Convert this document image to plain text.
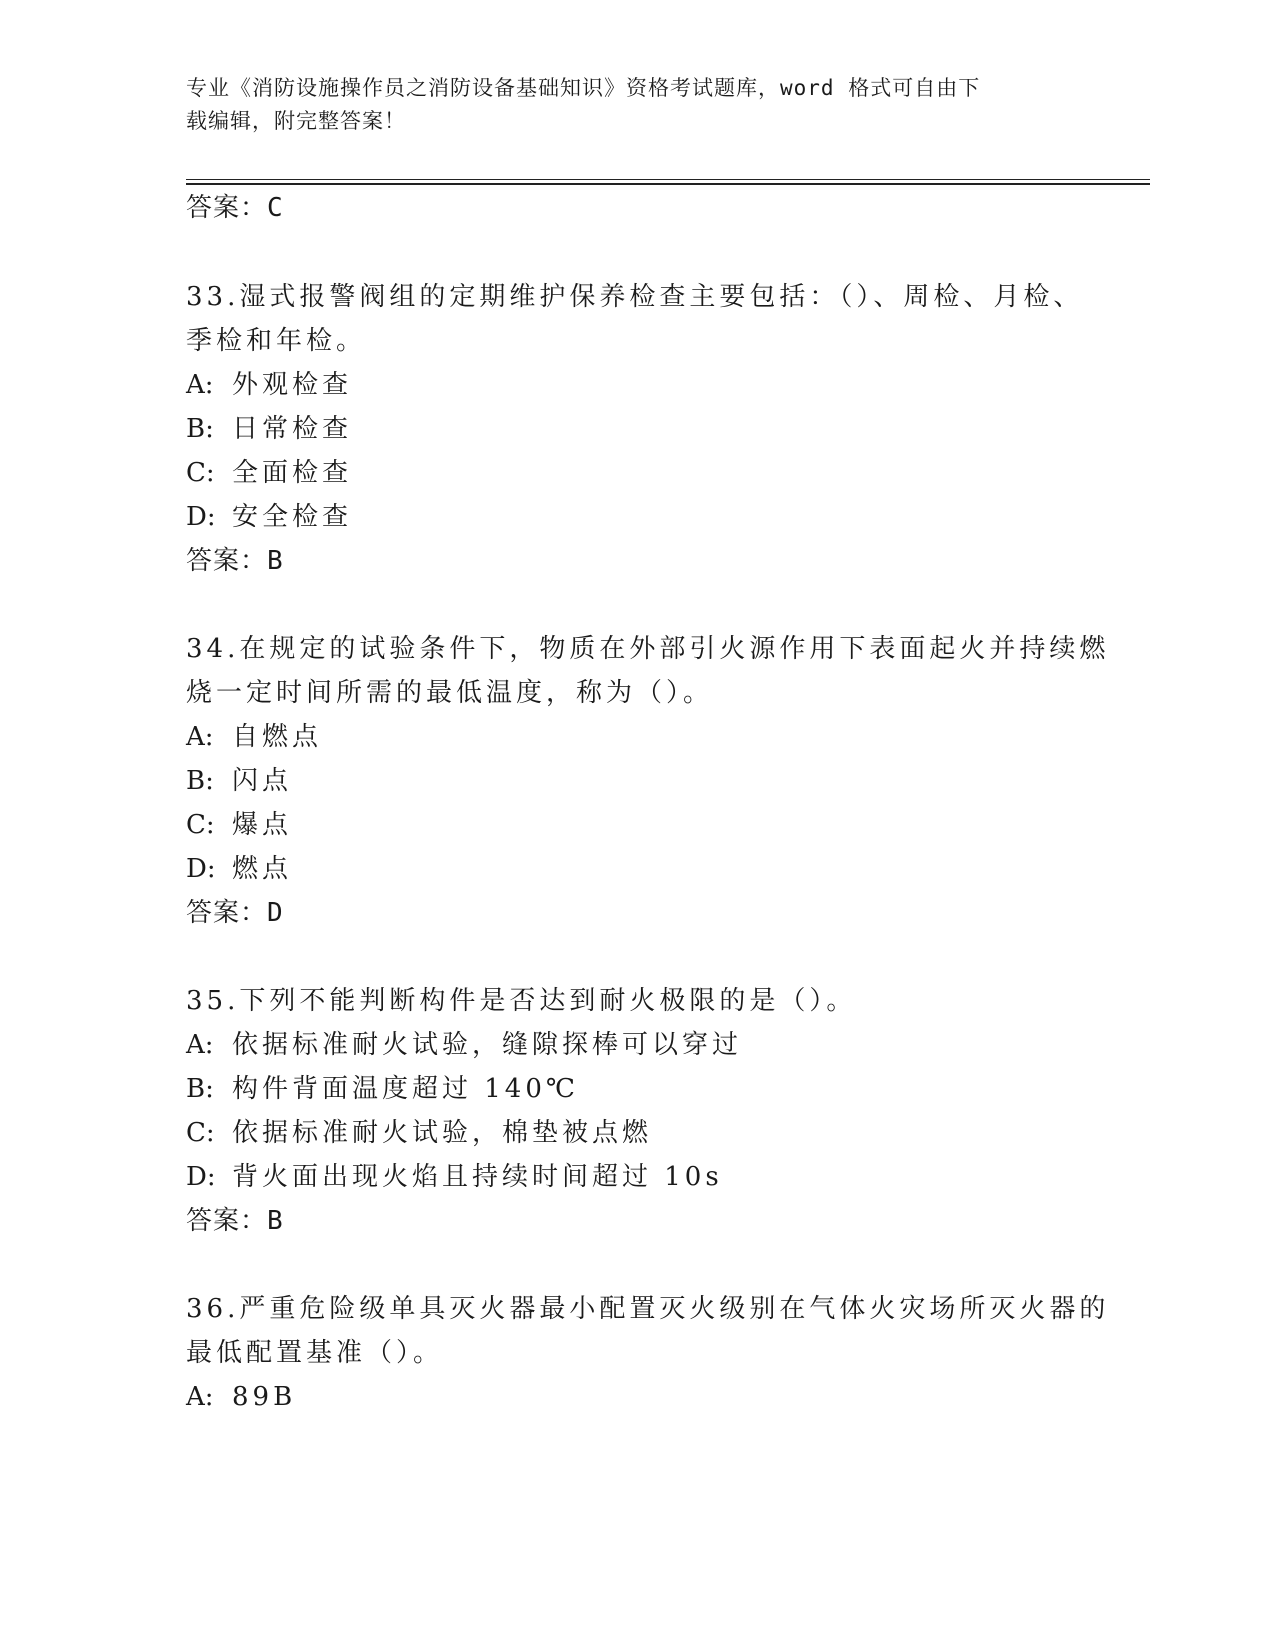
专业《消防设施操作员之消防设备基础知识》资格考试题库，word 格式可自由下
载编辑，附完整答案！
答案：C
33.湿式报警阀组的定期维护保养检查主要包括：（）、周检、月检、
季检和年检。
A: 外观检查
B: 日常检查
C: 全面检查
D: 安全检查
答案：B
34.在规定的试验条件下，物质在外部引火源作用下表面起火并持续燃
烧一定时间所需的最低温度，称为（）。
A: 自燃点
B: 闪点
C: 爆点
D: 燃点
答案：D
35.下列不能判断构件是否达到耐火极限的是（）。
A: 依据标准耐火试验，缝隙探棒可以穿过
B: 构件背面温度超过 140℃
C: 依据标准耐火试验，棉垫被点燃
D: 背火面出现火焰且持续时间超过 10s
答案：B
36.严重危险级单具灭火器最小配置灭火级别在气体火灾场所灭火器的
最低配置基准（）。
A: 89B
